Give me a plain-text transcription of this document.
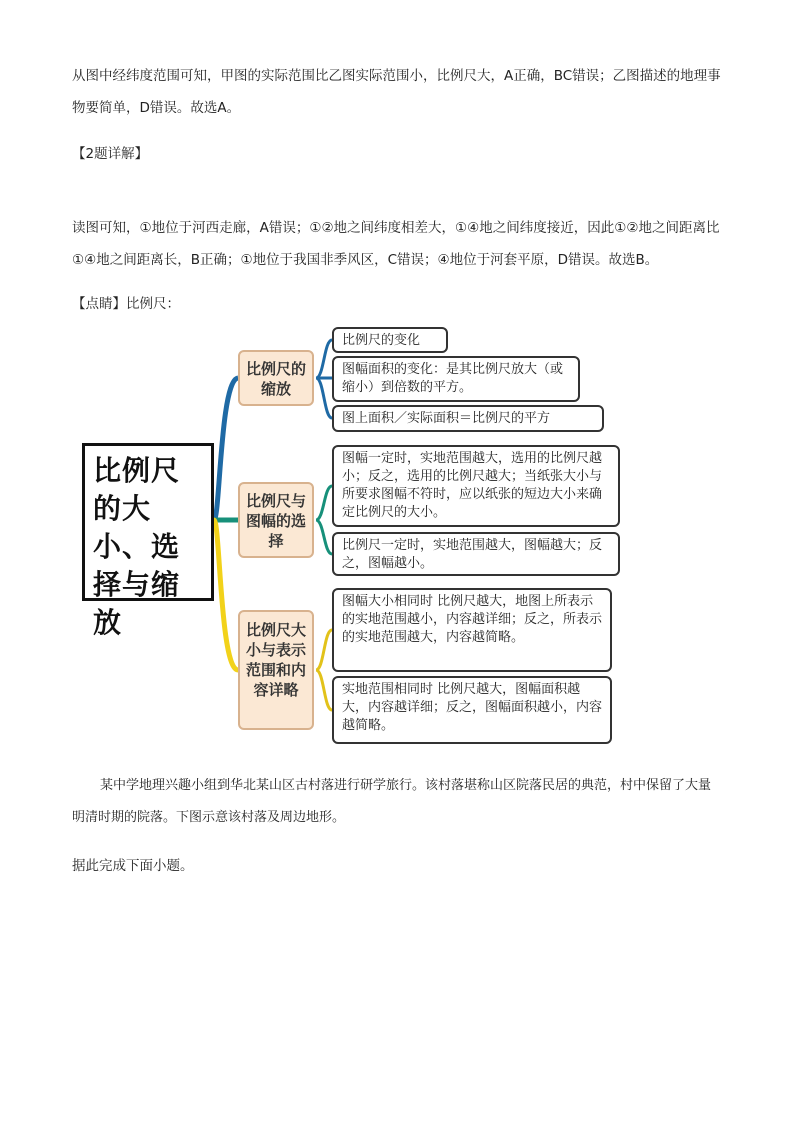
从图中经纬度范围可知，甲图的实际范围比乙图实际范围小，比例尺大，A正确，BC错误；乙图描述的地理事物要简单，D错误。故选A。

【2题详解】

读图可知，①地位于河西走廊，A错误；①②地之间纬度相差大，①④地之间纬度接近，因此①②地之间距离比①④地之间距离长，B正确；①地位于我国非季风区，C错误；④地位于河套平原，D错误。故选B。

【点睛】比例尺：

比例尺的大小、选择与缩放
比例尺的缩放
比例尺与图幅的选择
比例尺大小与表示范围和内容详略
比例尺的变化
图幅面积的变化：是其比例尺放大（或缩小）到倍数的平方。
图上面积／实际面积＝比例尺的平方
图幅一定时，实地范围越大，选用的比例尺越小；反之，选用的比例尺越大；当纸张大小与所要求图幅不符时，应以纸张的短边大小来确定比例尺的大小。
比例尺一定时，实地范围越大，图幅越大；反之，图幅越小。
图幅大小相同时 比例尺越大，地图上所表示的实地范围越小，内容越详细；反之，所表示的实地范围越大，内容越简略。
实地范围相同时 比例尺越大，图幅面积越大，内容越详细；反之，图幅面积越小，内容越简略。

某中学地理兴趣小组到华北某山区古村落进行研学旅行。该村落堪称山区院落民居的典范，村中保留了大量明清时期的院落。下图示意该村落及周边地形。

据此完成下面小题。
